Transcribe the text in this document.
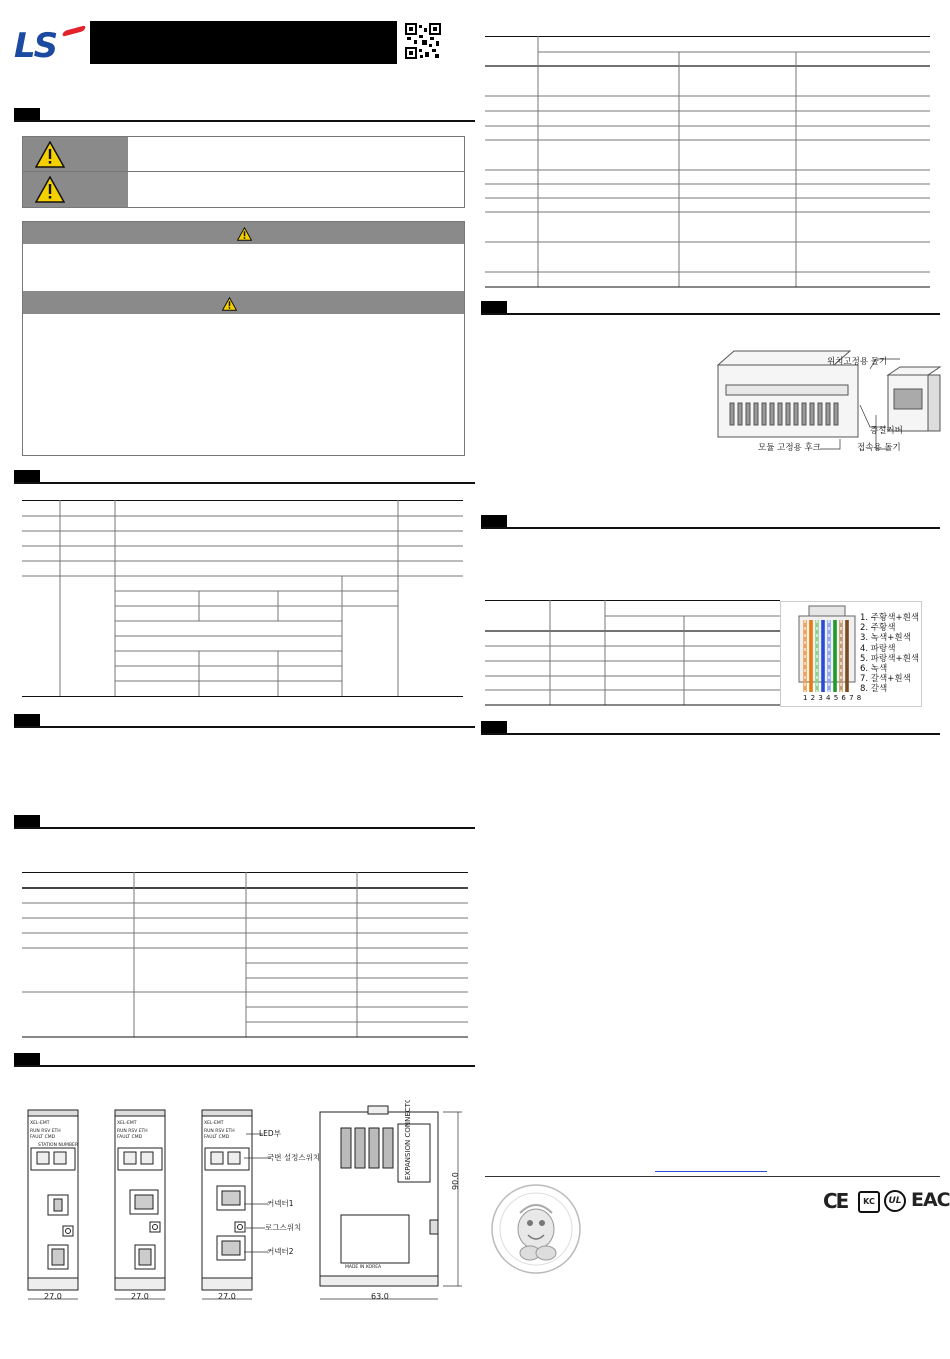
LS
XEL-EMT
RUN RSV ETH
FAULT CMD
STATION NUMBER
XEL-EMT
RUN RSV ETH
FAULT CMD
XEL-EMT
RUN RSV ETH
FAULT CMD	EXPANSION CONNECTOR
MADE IN KOREA
LED부
국번 설정스위치
커넥터1
로그스위치
커넥터2
27.0	27.0	27.0	63.0
90.0
위치고정용 돌기
증설커버
모듈 고정용 후크	접속용 돌기
1 2 3 4 5 6 7 8
1. 주황색+흰색
2. 주황색
3. 녹색+흰색
4. 파랑색
5. 파랑색+흰색
6. 녹색
7. 갈색+흰색
8. 갈색
CE	KC	UL EAC
